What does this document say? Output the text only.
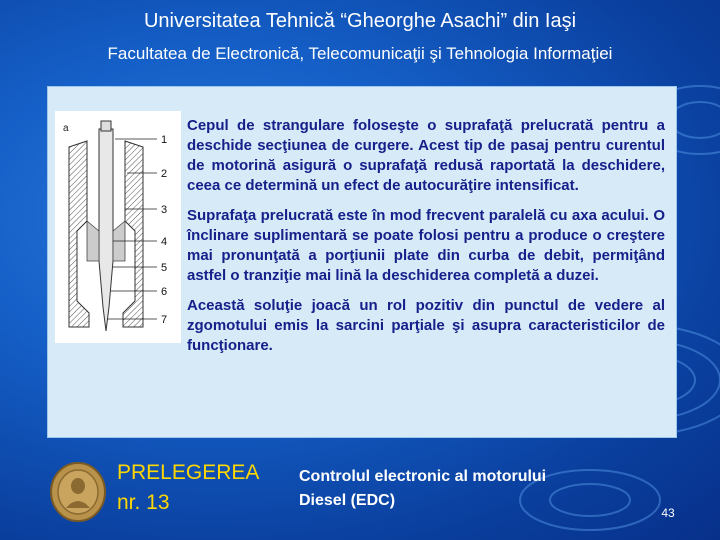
Universitatea Tehnică “Gheorghe Asachi” din Iaşi
Facultatea de Electronică, Telecomunicaţii şi Tehnologia Informaţiei
a
1
2
3
4
5
6
7

Cepul de strangulare foloseşte o suprafaţă prelucrată pentru a deschide secţiunea de curgere. Acest tip de pasaj pentru curentul de motorină asigură o suprafaţă redusă raportată la deschidere, ceea ce determină un efect de autocurăţire intensificat.

Suprafaţa prelucrată este în mod frecvent paralelă cu axa acului. O înclinare suplimentară se poate folosi pentru a produce o creştere mai pronunţată a porţiunii plate din curba de debit, permiţând astfel o tranziţie mai lină la deschiderea completă a duzei.

Această soluţie joacă un rol pozitiv din punctul de vedere al zgomotului emis la sarcini parţiale şi asupra caracteristicilor de funcţionare.

PRELEGEREA
nr. 13
Controlul electronic al motorului
Diesel (EDC)
43
